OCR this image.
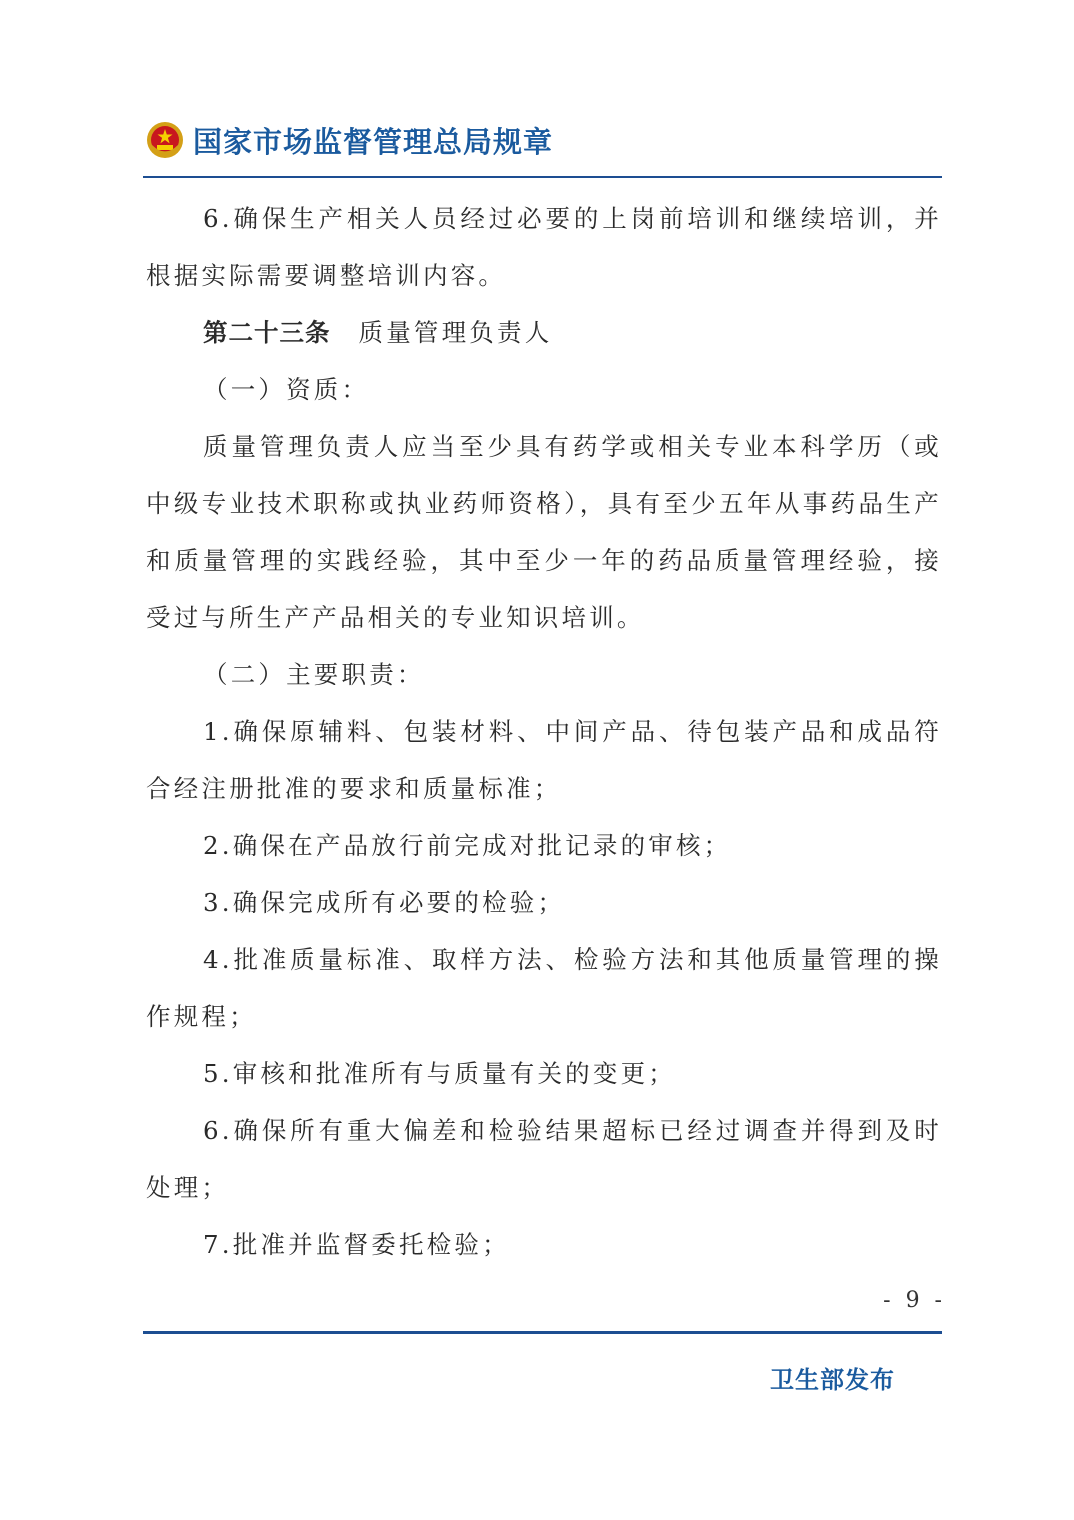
国家市场监督管理总局规章

6.确保生产相关人员经过必要的上岗前培训和继续培训，并根据实际需要调整培训内容。

第二十三条 质量管理负责人

（一）资质：

质量管理负责人应当至少具有药学或相关专业本科学历（或中级专业技术职称或执业药师资格），具有至少五年从事药品生产和质量管理的实践经验，其中至少一年的药品质量管理经验，接受过与所生产产品相关的专业知识培训。

（二）主要职责：

1.确保原辅料、包装材料、中间产品、待包装产品和成品符合经注册批准的要求和质量标准；

2.确保在产品放行前完成对批记录的审核；

3.确保完成所有必要的检验；

4.批准质量标准、取样方法、检验方法和其他质量管理的操作规程；

5.审核和批准所有与质量有关的变更；

6.确保所有重大偏差和检验结果超标已经过调查并得到及时处理；

7.批准并监督委托检验；

- 9 -
卫生部发布
